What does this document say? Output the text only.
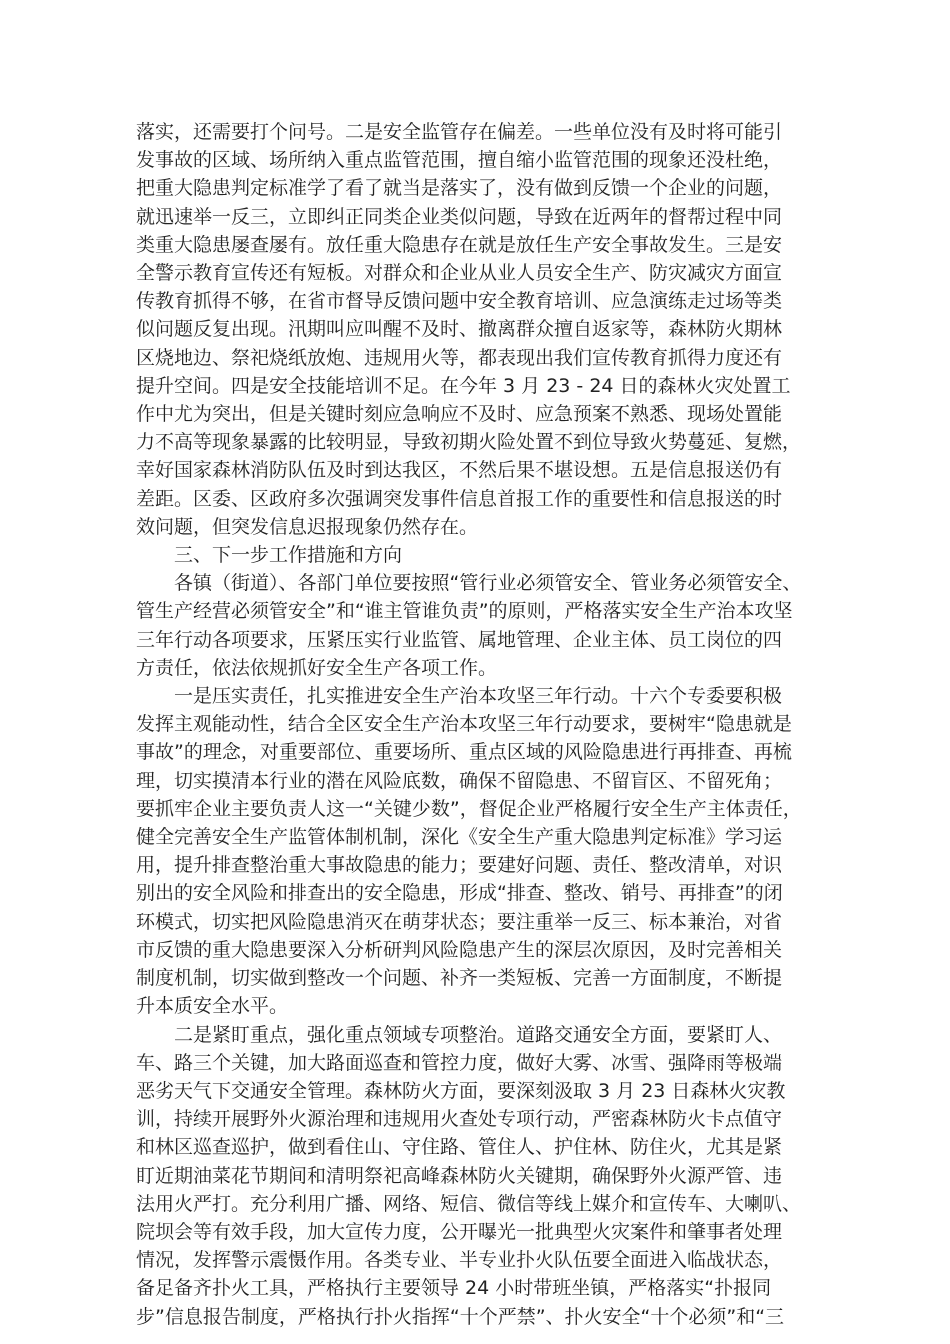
落实，还需要打个问号。二是安全监管存在偏差。一些单位没有及时将可能引
发事故的区域、场所纳入重点监管范围，擅自缩小监管范围的现象还没杜绝，
把重大隐患判定标准学了看了就当是落实了，没有做到反馈一个企业的问题，
就迅速举一反三，立即纠正同类企业类似问题，导致在近两年的督帮过程中同
类重大隐患屡查屡有。放任重大隐患存在就是放任生产安全事故发生。三是安
全警示教育宣传还有短板。对群众和企业从业人员安全生产、防灾减灾方面宣
传教育抓得不够，在省市督导反馈问题中安全教育培训、应急演练走过场等类
似问题反复出现。汛期叫应叫醒不及时、撤离群众擅自返家等，森林防火期林
区烧地边、祭祀烧纸放炮、违规用火等，都表现出我们宣传教育抓得力度还有
提升空间。四是安全技能培训不足。在今年 3 月 23 - 24 日的森林火灾处置工
作中尤为突出，但是关键时刻应急响应不及时、应急预案不熟悉、现场处置能
力不高等现象暴露的比较明显，导致初期火险处置不到位导致火势蔓延、复燃，
幸好国家森林消防队伍及时到达我区，不然后果不堪设想。五是信息报送仍有
差距。区委、区政府多次强调突发事件信息首报工作的重要性和信息报送的时
效问题，但突发信息迟报现象仍然存在。
三、下一步工作措施和方向
各镇（街道）、各部门单位要按照“管行业必须管安全、管业务必须管安全、
管生产经营必须管安全”和“谁主管谁负责”的原则，严格落实安全生产治本攻坚
三年行动各项要求，压紧压实行业监管、属地管理、企业主体、员工岗位的四
方责任，依法依规抓好安全生产各项工作。
一是压实责任，扎实推进安全生产治本攻坚三年行动。十六个专委要积极
发挥主观能动性，结合全区安全生产治本攻坚三年行动要求，要树牢“隐患就是
事故”的理念，对重要部位、重要场所、重点区域的风险隐患进行再排查、再梳
理，切实摸清本行业的潜在风险底数，确保不留隐患、不留盲区、不留死角；
要抓牢企业主要负责人这一“关键少数”，督促企业严格履行安全生产主体责任，
健全完善安全生产监管体制机制，深化《安全生产重大隐患判定标准》学习运
用，提升排查整治重大事故隐患的能力；要建好问题、责任、整改清单，对识
别出的安全风险和排查出的安全隐患，形成“排查、整改、销号、再排查”的闭
环模式，切实把风险隐患消灭在萌芽状态；要注重举一反三、标本兼治，对省
市反馈的重大隐患要深入分析研判风险隐患产生的深层次原因，及时完善相关
制度机制，切实做到整改一个问题、补齐一类短板、完善一方面制度，不断提
升本质安全水平。
二是紧盯重点，强化重点领域专项整治。道路交通安全方面，要紧盯人、
车、路三个关键，加大路面巡查和管控力度，做好大雾、冰雪、强降雨等极端
恶劣天气下交通安全管理。森林防火方面，要深刻汲取 3 月 23 日森林火灾教
训，持续开展野外火源治理和违规用火查处专项行动，严密森林防火卡点值守
和林区巡查巡护，做到看住山、守住路、管住人、护住林、防住火，尤其是紧
盯近期油菜花节期间和清明祭祀高峰森林防火关键期，确保野外火源严管、违
法用火严打。充分利用广播、网络、短信、微信等线上媒介和宣传车、大喇叭、
院坝会等有效手段，加大宣传力度，公开曝光一批典型火灾案件和肇事者处理
情况，发挥警示震慑作用。各类专业、半专业扑火队伍要全面进入临战状态，
备足备齐扑火工具，严格执行主要领导 24 小时带班坐镇，严格落实“扑报同
步”信息报告制度，严格执行扑火指挥“十个严禁”、扑火安全“十个必须”和“三
